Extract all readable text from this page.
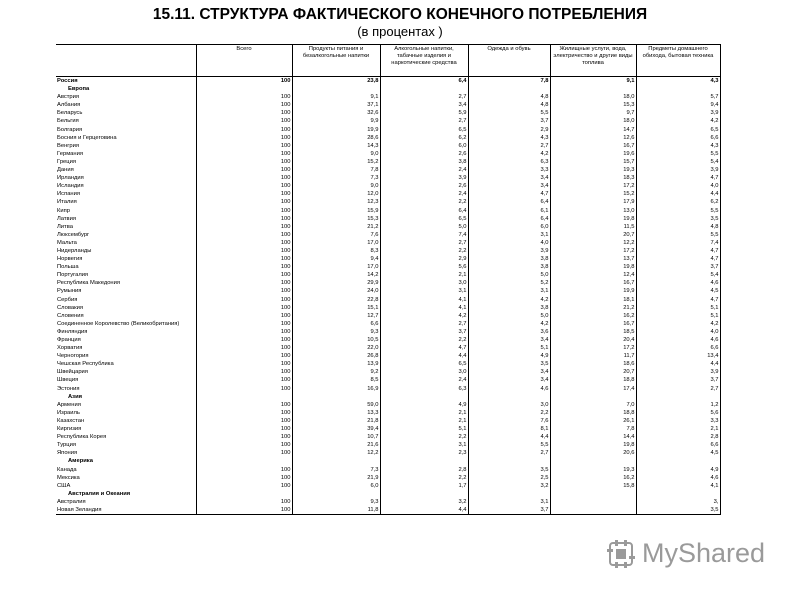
15.11. СТРУКТУРА ФАКТИЧЕСКОГО КОНЕЧНОГО ПОТРЕБЛЕНИЯ
(в процентах )
	Всего	Продукты питания и безалкогольные напитки	Алкогольные напитки, табачные изделия и наркотические средства	Одежда и обувь	Жилищные услуги, вода, электричество и другие виды топлива	Предметы домашнего обихода, бытовая техника
Россия	100	23,8	6,4	7,8	9,1	4,3
Европа						
Австрия	100	9,1	2,7	4,8	18,0	5,7
Албания	100	37,1	3,4	4,8	15,3	9,4
Беларусь	100	32,6	5,9	5,5	9,7	3,9
Бельгия	100	9,9	2,7	3,7	18,0	4,2
Болгария	100	19,9	6,5	2,9	14,7	6,5
Босния и Герцеговина	100	28,6	6,2	4,3	12,6	6,6
Венгрия	100	14,3	6,0	2,7	16,7	4,3
Германия	100	9,0	2,6	4,2	19,6	5,5
Греция	100	15,2	3,8	6,3	15,7	5,4
Дания	100	7,8	2,4	3,3	19,3	3,9
Ирландия	100	7,3	3,9	3,4	18,3	4,7
Исландия	100	9,0	2,6	3,4	17,2	4,0
Испания	100	12,0	2,4	4,7	15,2	4,4
Италия	100	12,3	2,2	6,4	17,9	6,2
Кипр	100	15,9	6,4	6,1	13,0	5,5
Латвия	100	15,3	6,5	6,4	19,8	3,5
Литва	100	21,2	5,0	6,0	11,5	4,8
Люксембург	100	7,6	7,4	3,1	20,7	5,5
Мальта	100	17,0	2,7	4,0	12,2	7,4
Нидерланды	100	8,3	2,2	3,9	17,2	4,7
Норвегия	100	9,4	2,9	3,8	13,7	4,7
Польша	100	17,0	5,6	3,8	19,8	3,7
Португалия	100	14,2	2,1	5,0	12,4	5,4
Республика Македония	100	29,9	3,0	5,2	16,7	4,6
Румыния	100	24,0	3,1	3,1	19,9	4,5
Сербия	100	22,8	4,1	4,2	18,1	4,7
Словакия	100	15,1	4,1	3,8	21,2	5,1
Словения	100	12,7	4,2	5,0	16,2	5,1
Соединенное Королевство (Великобритания)	100	6,6	2,7	4,2	16,7	4,2
Финляндия	100	9,3	3,7	3,6	18,5	4,0
Франция	100	10,5	2,2	3,4	20,4	4,6
Хорватия	100	22,0	4,7	5,1	17,2	6,6
Черногория	100	26,8	4,4	4,9	11,7	13,4
Чешская Республика	100	13,9	6,5	3,5	18,6	4,4
Швейцария	100	9,2	3,0	3,4	20,7	3,9
Швеция	100	8,5	2,4	3,4	18,8	3,7
Эстония	100	16,9	6,3	4,6	17,4	2,7
Азия						
Армения	100	59,0	4,9	3,0	7,0	1,2
Израиль	100	13,3	2,1	2,2	18,8	5,6
Казахстан	100	21,8	2,1	7,6	26,1	3,3
Киргизия	100	39,4	5,1	8,1	7,8	2,1
Республика Корея	100	10,7	2,2	4,4	14,4	2,8
Турция	100	21,6	3,1	5,5	19,8	6,6
Япония	100	12,2	2,3	2,7	20,6	4,5
Америка						
Канада	100	7,3	2,8	3,5	19,3	4,9
Мексика	100	21,9	2,2	2,5	16,2	4,6
США	100	6,0	1,7	3,2	15,8	4,1
Австралия и Океания						
Австралия	100	9,3	3,2	3,1		3,
Новая Зеландия	100	11,8	4,4	3,7		3,5
MyShared
